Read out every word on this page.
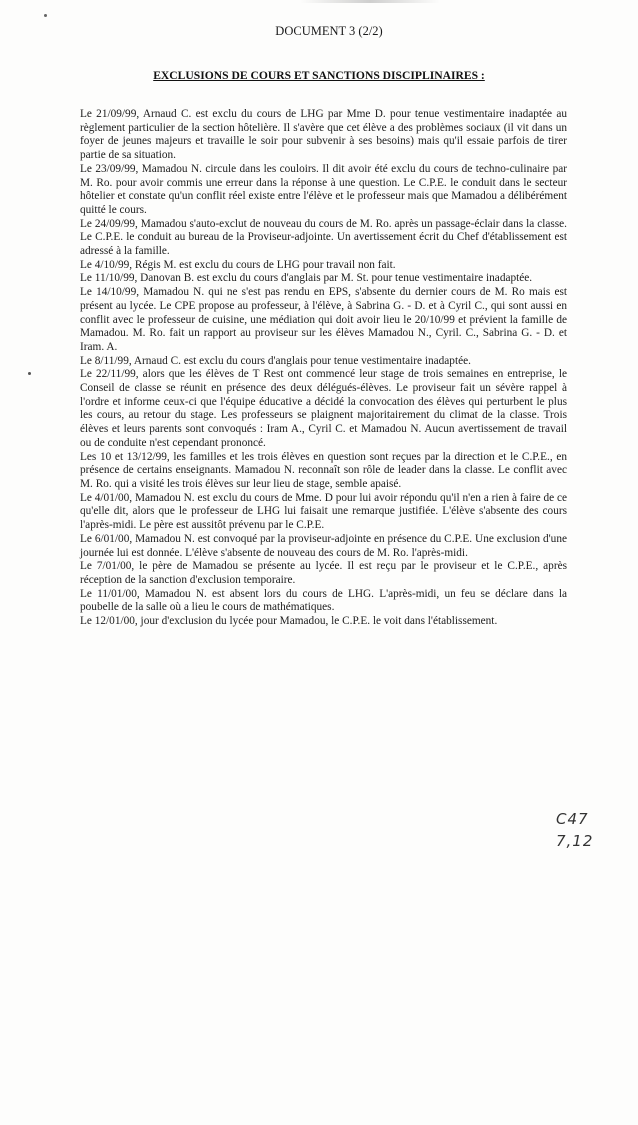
DOCUMENT 3 (2/2)
EXCLUSIONS DE COURS ET SANCTIONS DISCIPLINAIRES :

Le 21/09/99, Arnaud C. est exclu du cours de LHG par Mme D. pour tenue vestimentaire inadaptée au règlement particulier de la section hôtelière. Il s'avère que cet élève a des problèmes sociaux (il vit dans un foyer de jeunes majeurs et travaille le soir pour subvenir à ses besoins) mais qu'il essaie parfois de tirer partie de sa situation.

Le 23/09/99, Mamadou N. circule dans les couloirs. Il dit avoir été exclu du cours de techno-culinaire par M. Ro. pour avoir commis une erreur dans la réponse à une question. Le C.P.E. le conduit dans le secteur hôtelier et constate qu'un conflit réel existe entre l'élève et le professeur mais que Mamadou a délibérément quitté le cours.

Le 24/09/99, Mamadou s'auto-exclut de nouveau du cours de M. Ro. après un passage-éclair dans la classe. Le C.P.E. le conduit au bureau de la Proviseur-adjointe. Un avertissement écrit du Chef d'établissement est adressé à la famille.

Le 4/10/99, Régis M. est exclu du cours de LHG pour travail non fait.

Le 11/10/99, Danovan B. est exclu du cours d'anglais par M. St. pour tenue vestimentaire inadaptée.

Le 14/10/99, Mamadou N. qui ne s'est pas rendu en EPS, s'absente du dernier cours de M. Ro mais est présent au lycée. Le CPE propose au professeur, à l'élève, à Sabrina G. - D. et à Cyril C., qui sont aussi en conflit avec le professeur de cuisine, une médiation qui doit avoir lieu le 20/10/99 et prévient la famille de Mamadou. M. Ro. fait un rapport au proviseur sur les élèves Mamadou N., Cyril. C., Sabrina G. - D. et Iram. A.

Le 8/11/99, Arnaud C. est exclu du cours d'anglais pour tenue vestimentaire inadaptée.

Le 22/11/99, alors que les élèves de T Rest ont commencé leur stage de trois semaines en entreprise, le Conseil de classe se réunit en présence des deux délégués-élèves. Le proviseur fait un sévère rappel à l'ordre et informe ceux-ci que l'équipe éducative a décidé la convocation des élèves qui perturbent le plus les cours, au retour du stage. Les professeurs se plaignent majoritairement du climat de la classe. Trois élèves et leurs parents sont convoqués : Iram A., Cyril C. et Mamadou N. Aucun avertissement de travail ou de conduite n'est cependant prononcé.

Les 10 et 13/12/99, les familles et les trois élèves en question sont reçues par la direction et le C.P.E., en présence de certains enseignants. Mamadou N. reconnaît son rôle de leader dans la classe. Le conflit avec M. Ro. qui a visité les trois élèves sur leur lieu de stage, semble apaisé.

Le 4/01/00, Mamadou N. est exclu du cours de Mme. D pour lui avoir répondu qu'il n'en a rien à faire de ce qu'elle dit, alors que le professeur de LHG lui faisait une remarque justifiée. L'élève s'absente des cours l'après-midi. Le père est aussitôt prévenu par le C.P.E.

Le 6/01/00, Mamadou N. est convoqué par la proviseur-adjointe en présence du C.P.E. Une exclusion d'une journée lui est donnée. L'élève s'absente de nouveau des cours de M. Ro. l'après-midi.

Le 7/01/00, le père de Mamadou se présente au lycée. Il est reçu par le proviseur et le C.P.E., après réception de la sanction d'exclusion temporaire.

Le 11/01/00, Mamadou N. est absent lors du cours de LHG. L'après-midi, un feu se déclare dans la poubelle de la salle où a lieu le cours de mathématiques.

Le 12/01/00, jour d'exclusion du lycée pour Mamadou, le C.P.E. le voit dans l'établissement.

C47
7,12
